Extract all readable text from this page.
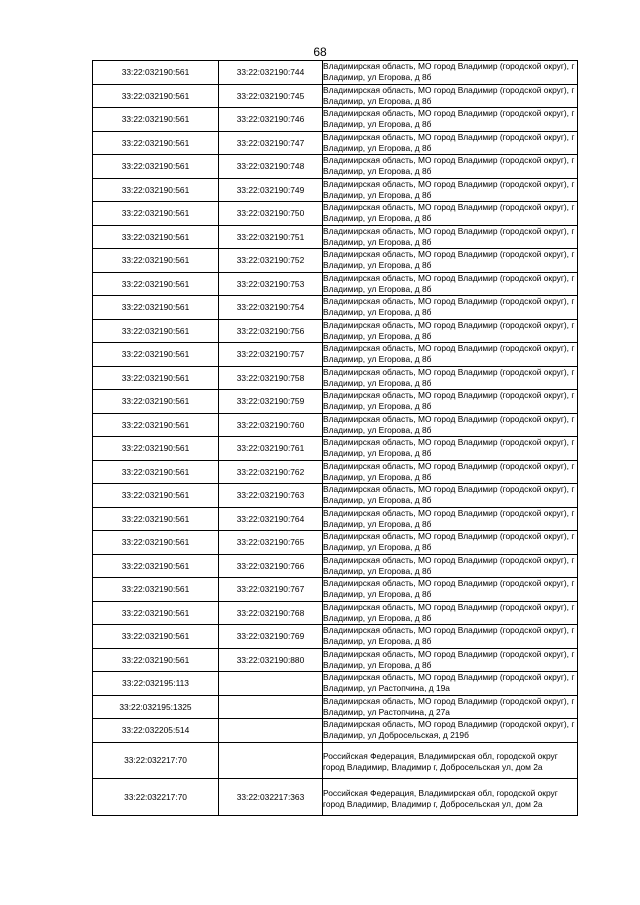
68
33:22:032190:561	33:22:032190:744	Владимирская область, МО город Владимир (городской округ), г
Владимир, ул Егорова, д 8б

33:22:032190:561	33:22:032190:745	Владимирская область, МО город Владимир (городской округ), г
Владимир, ул Егорова, д 8б

33:22:032190:561	33:22:032190:746	Владимирская область, МО город Владимир (городской округ), г
Владимир, ул Егорова, д 8б

33:22:032190:561	33:22:032190:747	Владимирская область, МО город Владимир (городской округ), г
Владимир, ул Егорова, д 8б

33:22:032190:561	33:22:032190:748	Владимирская область, МО город Владимир (городской округ), г
Владимир, ул Егорова, д 8б

33:22:032190:561	33:22:032190:749	Владимирская область, МО город Владимир (городской округ), г
Владимир, ул Егорова, д 8б

33:22:032190:561	33:22:032190:750	Владимирская область, МО город Владимир (городской округ), г
Владимир, ул Егорова, д 8б

33:22:032190:561	33:22:032190:751	Владимирская область, МО город Владимир (городской округ), г
Владимир, ул Егорова, д 8б

33:22:032190:561	33:22:032190:752	Владимирская область, МО город Владимир (городской округ), г
Владимир, ул Егорова, д 8б

33:22:032190:561	33:22:032190:753	Владимирская область, МО город Владимир (городской округ), г
Владимир, ул Егорова, д 8б

33:22:032190:561	33:22:032190:754	Владимирская область, МО город Владимир (городской округ), г
Владимир, ул Егорова, д 8б

33:22:032190:561	33:22:032190:756	Владимирская область, МО город Владимир (городской округ), г
Владимир, ул Егорова, д 8б

33:22:032190:561	33:22:032190:757	Владимирская область, МО город Владимир (городской округ), г
Владимир, ул Егорова, д 8б

33:22:032190:561	33:22:032190:758	Владимирская область, МО город Владимир (городской округ), г
Владимир, ул Егорова, д 8б

33:22:032190:561	33:22:032190:759	Владимирская область, МО город Владимир (городской округ), г
Владимир, ул Егорова, д 8б

33:22:032190:561	33:22:032190:760	Владимирская область, МО город Владимир (городской округ), г
Владимир, ул Егорова, д 8б

33:22:032190:561	33:22:032190:761	Владимирская область, МО город Владимир (городской округ), г
Владимир, ул Егорова, д 8б

33:22:032190:561	33:22:032190:762	Владимирская область, МО город Владимир (городской округ), г
Владимир, ул Егорова, д 8б

33:22:032190:561	33:22:032190:763	Владимирская область, МО город Владимир (городской округ), г
Владимир, ул Егорова, д 8б

33:22:032190:561	33:22:032190:764	Владимирская область, МО город Владимир (городской округ), г
Владимир, ул Егорова, д 8б

33:22:032190:561	33:22:032190:765	Владимирская область, МО город Владимир (городской округ), г
Владимир, ул Егорова, д 8б

33:22:032190:561	33:22:032190:766	Владимирская область, МО город Владимир (городской округ), г
Владимир, ул Егорова, д 8б

33:22:032190:561	33:22:032190:767	Владимирская область, МО город Владимир (городской округ), г
Владимир, ул Егорова, д 8б

33:22:032190:561	33:22:032190:768	Владимирская область, МО город Владимир (городской округ), г
Владимир, ул Егорова, д 8б

33:22:032190:561	33:22:032190:769	Владимирская область, МО город Владимир (городской округ), г
Владимир, ул Егорова, д 8б

33:22:032190:561	33:22:032190:880	Владимирская область, МО город Владимир (городской округ), г
Владимир, ул Егорова, д 8б

33:22:032195:113		Владимирская область, МО город Владимир (городской округ), г
Владимир, ул Растопчина, д 19а

33:22:032195:1325		Владимирская область, МО город Владимир (городской округ), г
Владимир, ул Растопчина, д 27а

33:22:032205:514		Владимирская область, МО город Владимир (городской округ), г
Владимир, ул Добросельская, д 219б

33:22:032217:70		Российская Федерация, Владимирская обл, городской округ
город Владимир, Владимир г, Добросельская ул, дом 2а

33:22:032217:70	33:22:032217:363	Российская Федерация, Владимирская обл, городской округ
город Владимир, Владимир г, Добросельская ул, дом 2а
